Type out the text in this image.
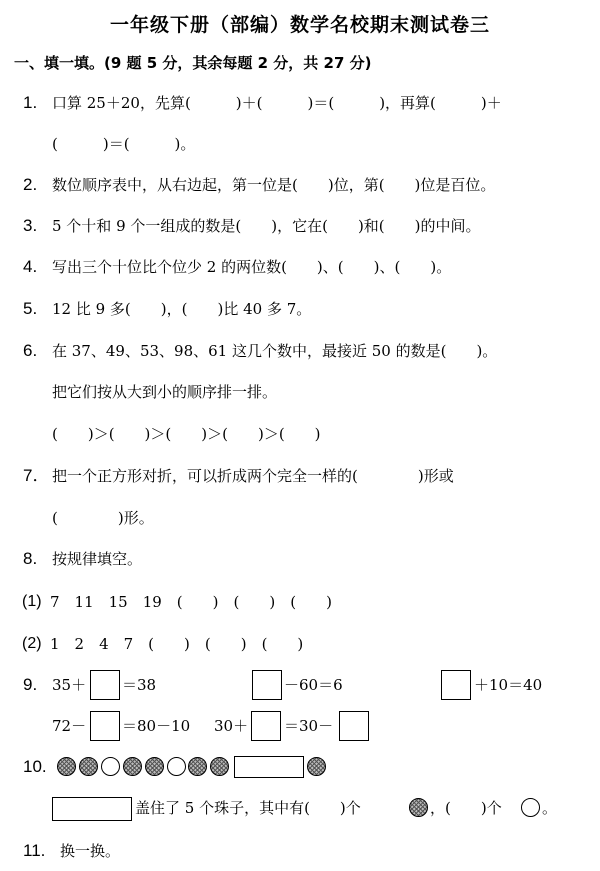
一年级下册（部编）数学名校期末测试卷三
一、填一填。(9 题 5 分，其余每题 2 分，共 27 分)
1. 口算 25＋20，先算(　　　)＋(　　　)＝(　　　)，再算(　　　)＋
(　　　)＝(　　　)。
2. 数位顺序表中，从右边起，第一位是(　　)位，第(　　)位是百位。
3. 5 个十和 9 个一组成的数是(　　)，它在(　　)和(　　)的中间。
4. 写出三个十位比个位少 2 的两位数(　　)、(　　)、(　　)。
5. 12 比 9 多(　　)，(　　)比 40 多 7。
6. 在 37、49、53、98、61 这几个数中，最接近 50 的数是(　　)。
把它们按从大到小的顺序排一排。
(　　)＞(　　)＞(　　)＞(　　)＞(　　)
7． 把一个正方形对折，可以折成两个完全一样的(　　　　)形或
(　　　　)形。
8. 按规律填空。
(1) 7　11　15　19　(　　)　(　　)　(　　)
(2) 1　2　4　7　(　　)　(　　)　(　　)
9. 35＋ ＝38	－60＝6	＋10＝40
72－ ＝80－10 30＋ ＝30－
10.
盖住了 5 个珠子，其中有(　　)个	，(　　)个	。
11. 换一换。
